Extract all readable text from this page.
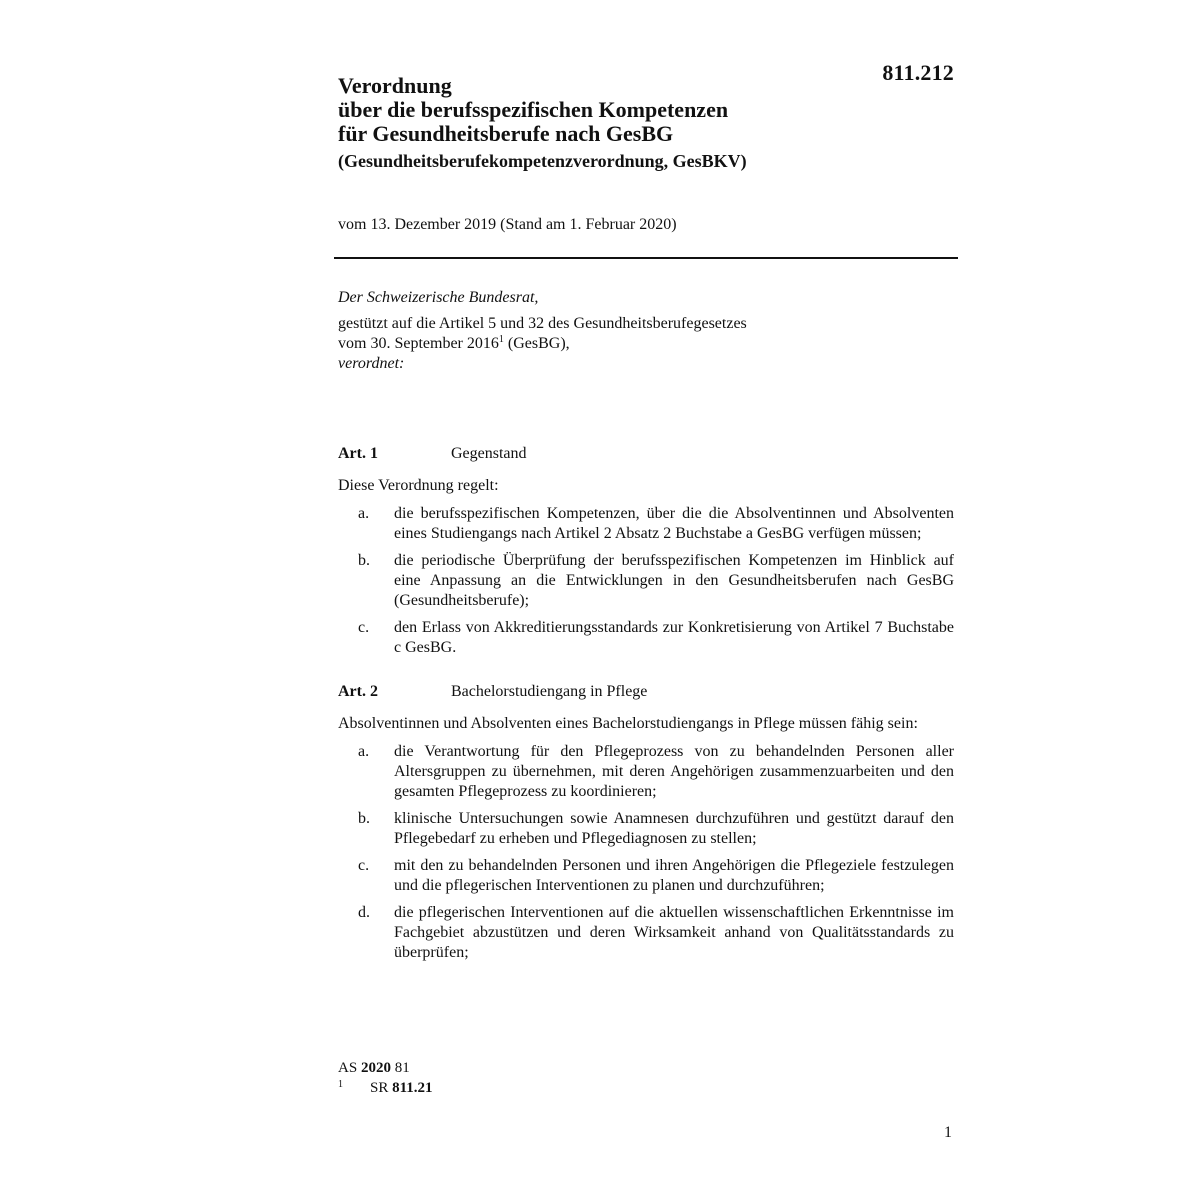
811.212
Verordnung
über die berufsspezifischen Kompetenzen
für Gesundheitsberufe nach GesBG
(Gesundheitsberufekompetenzverordnung, GesBKV)
vom 13. Dezember 2019 (Stand am 1. Februar 2020)
Der Schweizerische Bundesrat,
gestützt auf die Artikel 5 und 32 des Gesundheitsberufegesetzes
vom 30. September 2016$^1$ (GesBG),
verordnet:
Art. 1	Gegenstand
Diese Verordnung regelt:
a.	die berufsspezifischen Kompetenzen, über die die Absolventinnen und Absolventen eines Studiengangs nach Artikel 2 Absatz 2 Buchstabe a GesBG verfügen müssen;
b.	die periodische Überprüfung der berufsspezifischen Kompetenzen im Hinblick auf eine Anpassung an die Entwicklungen in den Gesundheitsberufen nach GesBG (Gesundheitsberufe);
c.	den Erlass von Akkreditierungsstandards zur Konkretisierung von Artikel 7 Buchstabe c GesBG.
Art. 2	Bachelorstudiengang in Pflege
Absolventinnen und Absolventen eines Bachelorstudiengangs in Pflege müssen fähig sein:
a.	die Verantwortung für den Pflegeprozess von zu behandelnden Personen aller Altersgruppen zu übernehmen, mit deren Angehörigen zusammenzuarbeiten und den gesamten Pflegeprozess zu koordinieren;
b.	klinische Untersuchungen sowie Anamnesen durchzuführen und gestützt darauf den Pflegebedarf zu erheben und Pflegediagnosen zu stellen;
c.	mit den zu behandelnden Personen und ihren Angehörigen die Pflegeziele festzulegen und die pflegerischen Interventionen zu planen und durchzuführen;
d.	die pflegerischen Interventionen auf die aktuellen wissenschaftlichen Erkenntnisse im Fachgebiet abzustützen und deren Wirksamkeit anhand von Qualitätsstandards zu überprüfen;
AS 2020 81
1	SR 811.21
1
